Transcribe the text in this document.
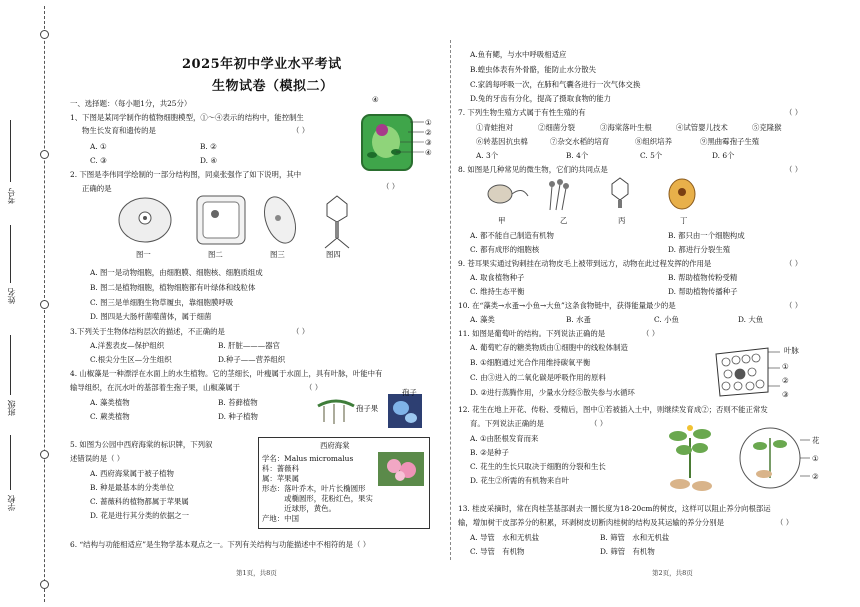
考号
姓名
班级
学校
2025年初中学业水平考试
生物试卷（模拟二）
一、选择题：（每小题1分，共25分）
1、下图是某同学制作的植物细胞模型，①～④表示的结构中，能控制生
物生长发育和遗传的是	（ ）
A. ①	B. ②
C. ③	D. ④
④
①
②
③
④
（ ）
2. 下图是李伟同学绘制的一部分结构图，同桌张强作了如下说明，其中
正确的是
图一	图二	图三	图四
A. 图一是动物细胞，由细胞膜、细胞核、细胞质组成
B. 图二是植物细胞，植物细胞都有叶绿体和线粒体
C. 图三是单细胞生物草履虫，靠细胞膜呼吸
D. 图四是大肠杆菌噬菌体，属于细菌
3.下列关于生物体结构层次的描述，不正确的是	（ ）
A.洋葱表皮—保护组织	B. 肝脏———器官
C.根尖分生区—分生组织	D.种子——营养组织
4. 山椒藻是一种漂浮在水面上的水生植物。它的茎细长，叶瘦属于水面上，具有叶脉，叶能中有
输导组织，在沉水叶的基部着生孢子果，山椒藻属于	（ ）
A. 藻类植物	B. 苔藓植物
C. 蕨类植物	D. 种子植物
孢子果
孢子
5. 如图为公园中西府海棠的标识牌，下列叙
述错误的是（ ）
A. 西府海棠属于被子植物
B. 种是最基本的分类单位
C. 蔷薇科的植物都属于苹果属
D. 花是进行其分类的依据之一
西府海棠
学名：Malus micromalus
科：蔷薇科
属：苹果属
形态：落叶乔木，叶片长椭圆形
　　　或椭圆形，花粉红色，果实
　　　近球形，黄色。
产地：中国
6. “结构与功能相适应”是生物学基本观点之一。下列有关结构与功能描述中不相符的是（ ）
第1页，共8页
A.鱼有鳃，与水中呼吸相适应
B.蝗虫体表有外骨骼，能防止水分散失
C.家鸽每呼吸一次，在肺和气囊各进行一次气体交换
D.兔的牙齿有分化，提高了摄取食物的能力
7. 下列生物生殖方式属于有性生殖的有	（ ）
①青蛙抱对	②细菌分裂	③海棠落叶生根	④试管婴儿技术	⑤克隆猴
⑥转基因抗虫棉	⑦杂交水稻的培育	⑧组织培养	⑨黑曲霉孢子生殖
A. 3个	B. 4个	C. 5个	D. 6个
8. 如图是几种常见的微生物，它们的共同点是	（ ）
甲	乙	丙	丁
A. 都不能自己制造有机物	B. 都只由一个细胞构成
C. 都有成形的细胞核	D. 都进行分裂生殖
9. 苍耳果实通过钩刺挂在动物皮毛上被带到远方，动物在此过程发挥的作用是	（ ）
A. 取食植物种子	B. 帮助植物传粉受精
C. 维持生态平衡	D. 帮助植物传播种子
10. 在“藻类→水蚤→小鱼→大鱼”这条食物链中，获得能量最少的是	（ ）
A. 藻类	B. 水蚤	C. 小鱼	D. 大鱼
11. 如图是葡萄叶的结构。下列说法正确的是	（ ）
A. 葡萄贮存的糖类物质由①细胞中的线粒体制造
B. ①细胞通过光合作用维持碳氧平衡
C. 由③进入的二氧化碳是呼吸作用的原料
D. ②进行蒸腾作用，少量水分经⑤散失参与水循环
叶脉
①
②
③
12. 花生在地上开花、传粉、受精后，图中①若被插入土中，则继续发育成②；否则不能正常发
育。下列说法正确的是	（ ）
A. ①由胚根发育而来
B. ②是种子
C. 花生的生长只取决于细胞的分裂和生长
D. 花生②所需的有机物来自叶
花
①
②
13. 桂皮采摘时，常在肉桂茎基部剥去一圈长度为18-20cm的树皮，这样可以阻止养分向根部运
输，增加树干皮部养分的积累，环剥树皮切断肉桂树的结构及其运输的养分分别是	（ ）
A. 导管　水和无机盐	B. 筛管　水和无机盐
C. 导管　有机物	D. 筛管　有机物
第2页，共8页
